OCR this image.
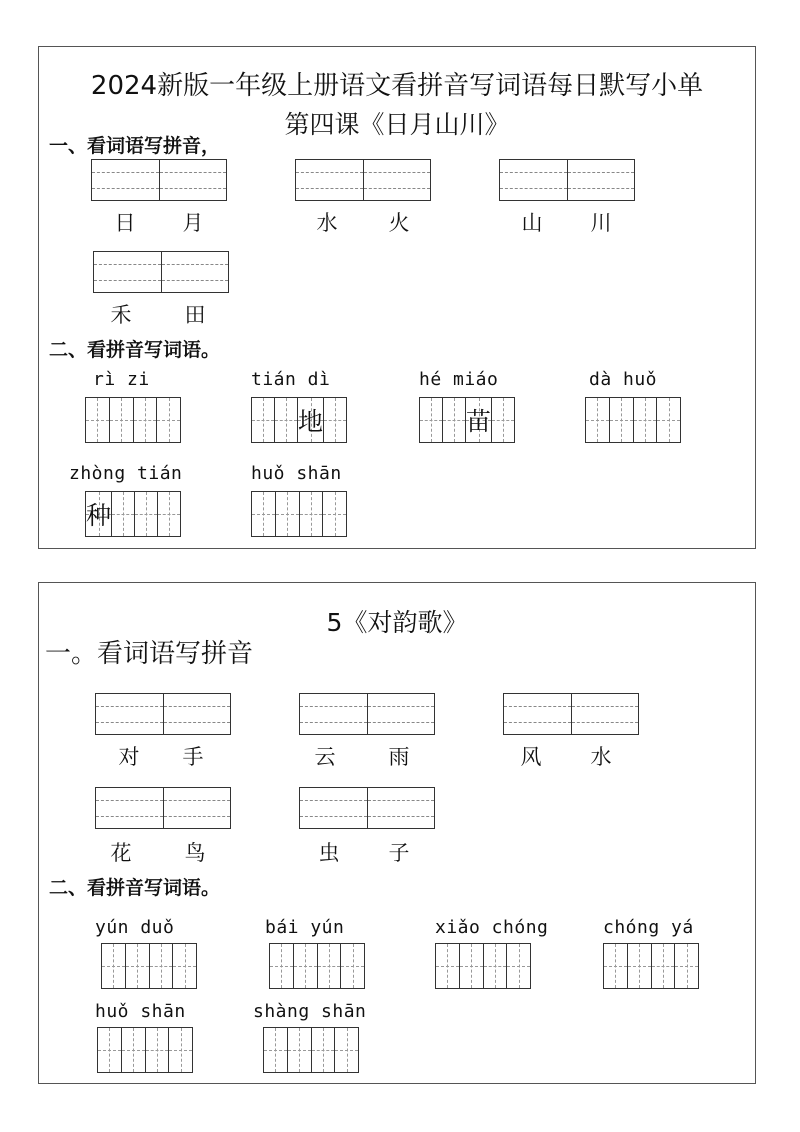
2024新版一年级上册语文看拼音写词语每日默写小单
第四课《日月山川》
一、看词语写拼音，
日	月	水	火	山	川
禾	田
二、看拼音写词语。
rì zi	tián dì	hé miáo	dà huǒ
地	苗
zhòng tián	huǒ shān
种
5《对韵歌》
一。看词语写拼音
对	手	云	雨	风	水
花	鸟	虫	子
二、看拼音写词语。
yún duǒ	bái yún	xiǎo chóng	chóng yá
huǒ shān	shàng shān
